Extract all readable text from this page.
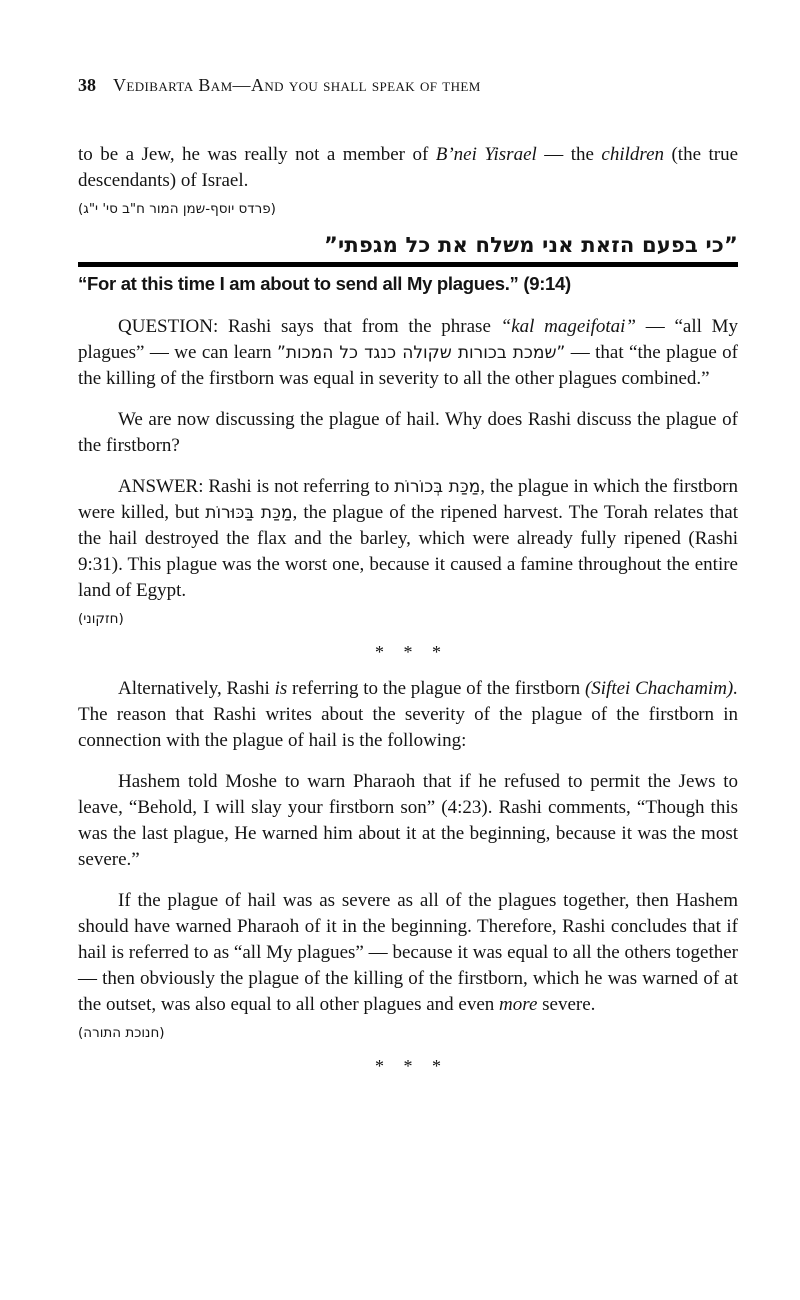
38 Vedibarta Bam—And you shall speak of them

to be a Jew, he was really not a member of B’nei Yisrael — the children (the true descendants) of Israel.

(פרדס יוסף-שמן המור ח"ב סי' י"ג)
”כי בפעם הזאת אני משלח את כל מגפתי”
“For at this time I am about to send all My plagues.” (9:14)

QUESTION: Rashi says that from the phrase “kal mageifotai” — “all My plagues” — we can learn ”שמכת בכורות שקולה כנגד כל המכות” — that “the plague of the killing of the firstborn was equal in severity to all the other plagues combined.”

We are now discussing the plague of hail. Why does Rashi discuss the plague of the firstborn?

ANSWER: Rashi is not referring to מַכַּת בְּכוֹרוֹת, the plague in which the firstborn were killed, but מַכַּת בַּכּוּרוֹת, the plague of the ripened harvest. The Torah relates that the hail destroyed the flax and the barley, which were already fully ripened (Rashi 9:31). This plague was the worst one, because it caused a famine throughout the entire land of Egypt.

(חזקוני)
* * *

Alternatively, Rashi is referring to the plague of the firstborn (Siftei Chachamim). The reason that Rashi writes about the severity of the plague of the firstborn in connection with the plague of hail is the following:

Hashem told Moshe to warn Pharaoh that if he refused to permit the Jews to leave, “Behold, I will slay your firstborn son” (4:23). Rashi comments, “Though this was the last plague, He warned him about it at the beginning, because it was the most severe.”

If the plague of hail was as severe as all of the plagues together, then Hashem should have warned Pharaoh of it in the beginning. Therefore, Rashi concludes that if hail is referred to as “all My plagues” — because it was equal to all the others together — then obviously the plague of the killing of the firstborn, which he was warned of at the outset, was also equal to all other plagues and even more severe.

(חנוכת התורה)
* * *
